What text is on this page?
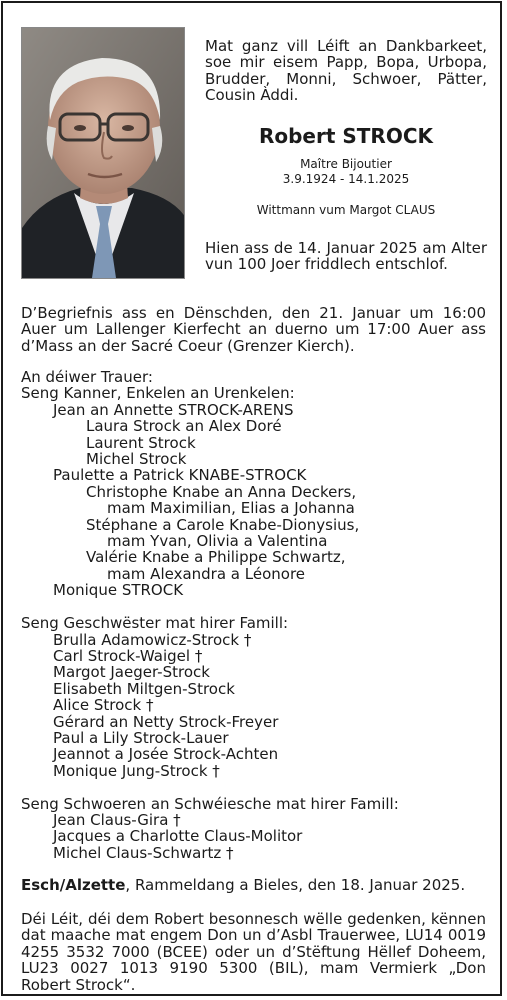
Mat ganz vill Léift an Dankbarkeet, soe mir eisem Papp, Bopa, Urbopa, Brudder, Monni, Schwoer, Pätter, Cousin Àddi.

Robert STROCK

Maître Bijoutier

3.9.1924 - 14.1.2025

Wittmann vum Margot CLAUS

Hien ass de 14. Januar 2025 am Alter vun 100 Joer friddlech entschlof.

D’Begriefnis ass en Dënschden, den 21. Januar um 16:00 Auer um Lallenger Kierfecht an duerno um 17:00 Auer ass d’Mass an der Sacré Coeur (Grenzer Kierch).

An déiwer Trauer:
Seng Kanner, Enkelen an Urenkelen:
Jean an Annette STROCK-ARENS
Laura Strock an Alex Doré
Laurent Strock
Michel Strock
Paulette a Patrick KNABE-STROCK
Christophe Knabe an Anna Deckers,
mam Maximilian, Elias a Johanna
Stéphane a Carole Knabe-Dionysius,
mam Yvan, Olivia a Valentina
Valérie Knabe a Philippe Schwartz,
mam Alexandra a Léonore
Monique STROCK

Seng Geschwëster mat hirer Famill:
Brulla Adamowicz-Strock †
Carl Strock-Waigel †
Margot Jaeger-Strock
Elisabeth Miltgen-Strock
Alice Strock †
Gérard an Netty Strock-Freyer
Paul a Lily Strock-Lauer
Jeannot a Josée Strock-Achten
Monique Jung-Strock †

Seng Schwoeren an Schwéiesche mat hirer Famill:
Jean Claus-Gira †
Jacques a Charlotte Claus-Molitor
Michel Claus-Schwartz †

Esch/Alzette, Rammeldang a Bieles, den 18. Januar 2025.

Déi Léit, déi dem Robert besonnesch wëlle gedenken, kënnen dat maache mat engem Don un d’Asbl Trauerwee, LU14 0019 4255 3532 7000 (BCEE) oder un d’Stëftung Hëllef Doheem, LU23 0027 1013 9190 5300 (BIL), mam Vermierk „Don Robert Strock“.
